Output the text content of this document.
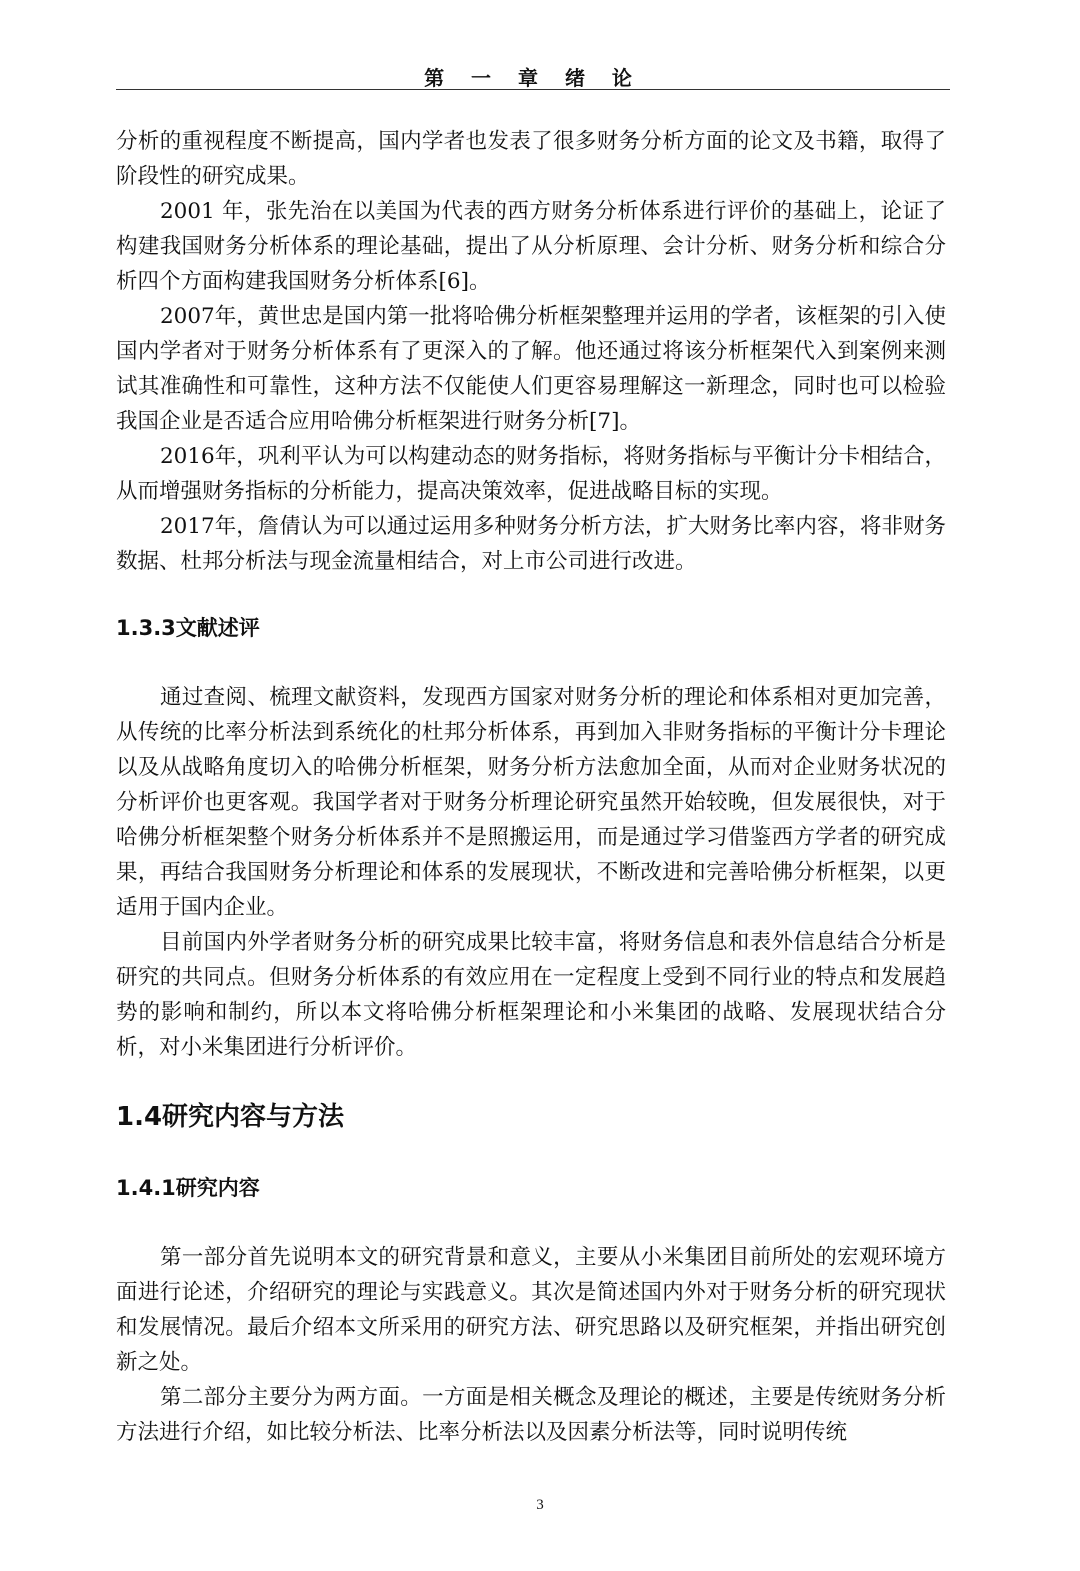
第 一 章 绪 论

分析的重视程度不断提高，国内学者也发表了很多财务分析方面的论文及书籍，取得了阶段性的研究成果。

2001 年，张先治在以美国为代表的西方财务分析体系进行评价的基础上，论证了构建我国财务分析体系的理论基础，提出了从分析原理、会计分析、财务分析和综合分析四个方面构建我国财务分析体系[6]。

2007年，黄世忠是国内第一批将哈佛分析框架整理并运用的学者，该框架的引入使国内学者对于财务分析体系有了更深入的了解。他还通过将该分析框架代入到案例来测试其准确性和可靠性，这种方法不仅能使人们更容易理解这一新理念，同时也可以检验我国企业是否适合应用哈佛分析框架进行财务分析[7]。

2016年，巩利平认为可以构建动态的财务指标，将财务指标与平衡计分卡相结合，从而增强财务指标的分析能力，提高决策效率，促进战略目标的实现。

2017年，詹倩认为可以通过运用多种财务分析方法，扩大财务比率内容，将非财务数据、杜邦分析法与现金流量相结合，对上市公司进行改进。

1.3.3文献述评

通过查阅、梳理文献资料，发现西方国家对财务分析的理论和体系相对更加完善，从传统的比率分析法到系统化的杜邦分析体系，再到加入非财务指标的平衡计分卡理论以及从战略角度切入的哈佛分析框架，财务分析方法愈加全面，从而对企业财务状况的分析评价也更客观。我国学者对于财务分析理论研究虽然开始较晚，但发展很快，对于哈佛分析框架整个财务分析体系并不是照搬运用，而是通过学习借鉴西方学者的研究成果，再结合我国财务分析理论和体系的发展现状，不断改进和完善哈佛分析框架，以更适用于国内企业。

目前国内外学者财务分析的研究成果比较丰富，将财务信息和表外信息结合分析是研究的共同点。但财务分析体系的有效应用在一定程度上受到不同行业的特点和发展趋势的影响和制约，所以本文将哈佛分析框架理论和小米集团的战略、发展现状结合分析，对小米集团进行分析评价。

1.4研究内容与方法
1.4.1研究内容

第一部分首先说明本文的研究背景和意义，主要从小米集团目前所处的宏观环境方面进行论述，介绍研究的理论与实践意义。其次是简述国内外对于财务分析的研究现状和发展情况。最后介绍本文所采用的研究方法、研究思路以及研究框架，并指出研究创新之处。

第二部分主要分为两方面。一方面是相关概念及理论的概述，主要是传统财务分析方法进行介绍，如比较分析法、比率分析法以及因素分析法等，同时说明传统

3
